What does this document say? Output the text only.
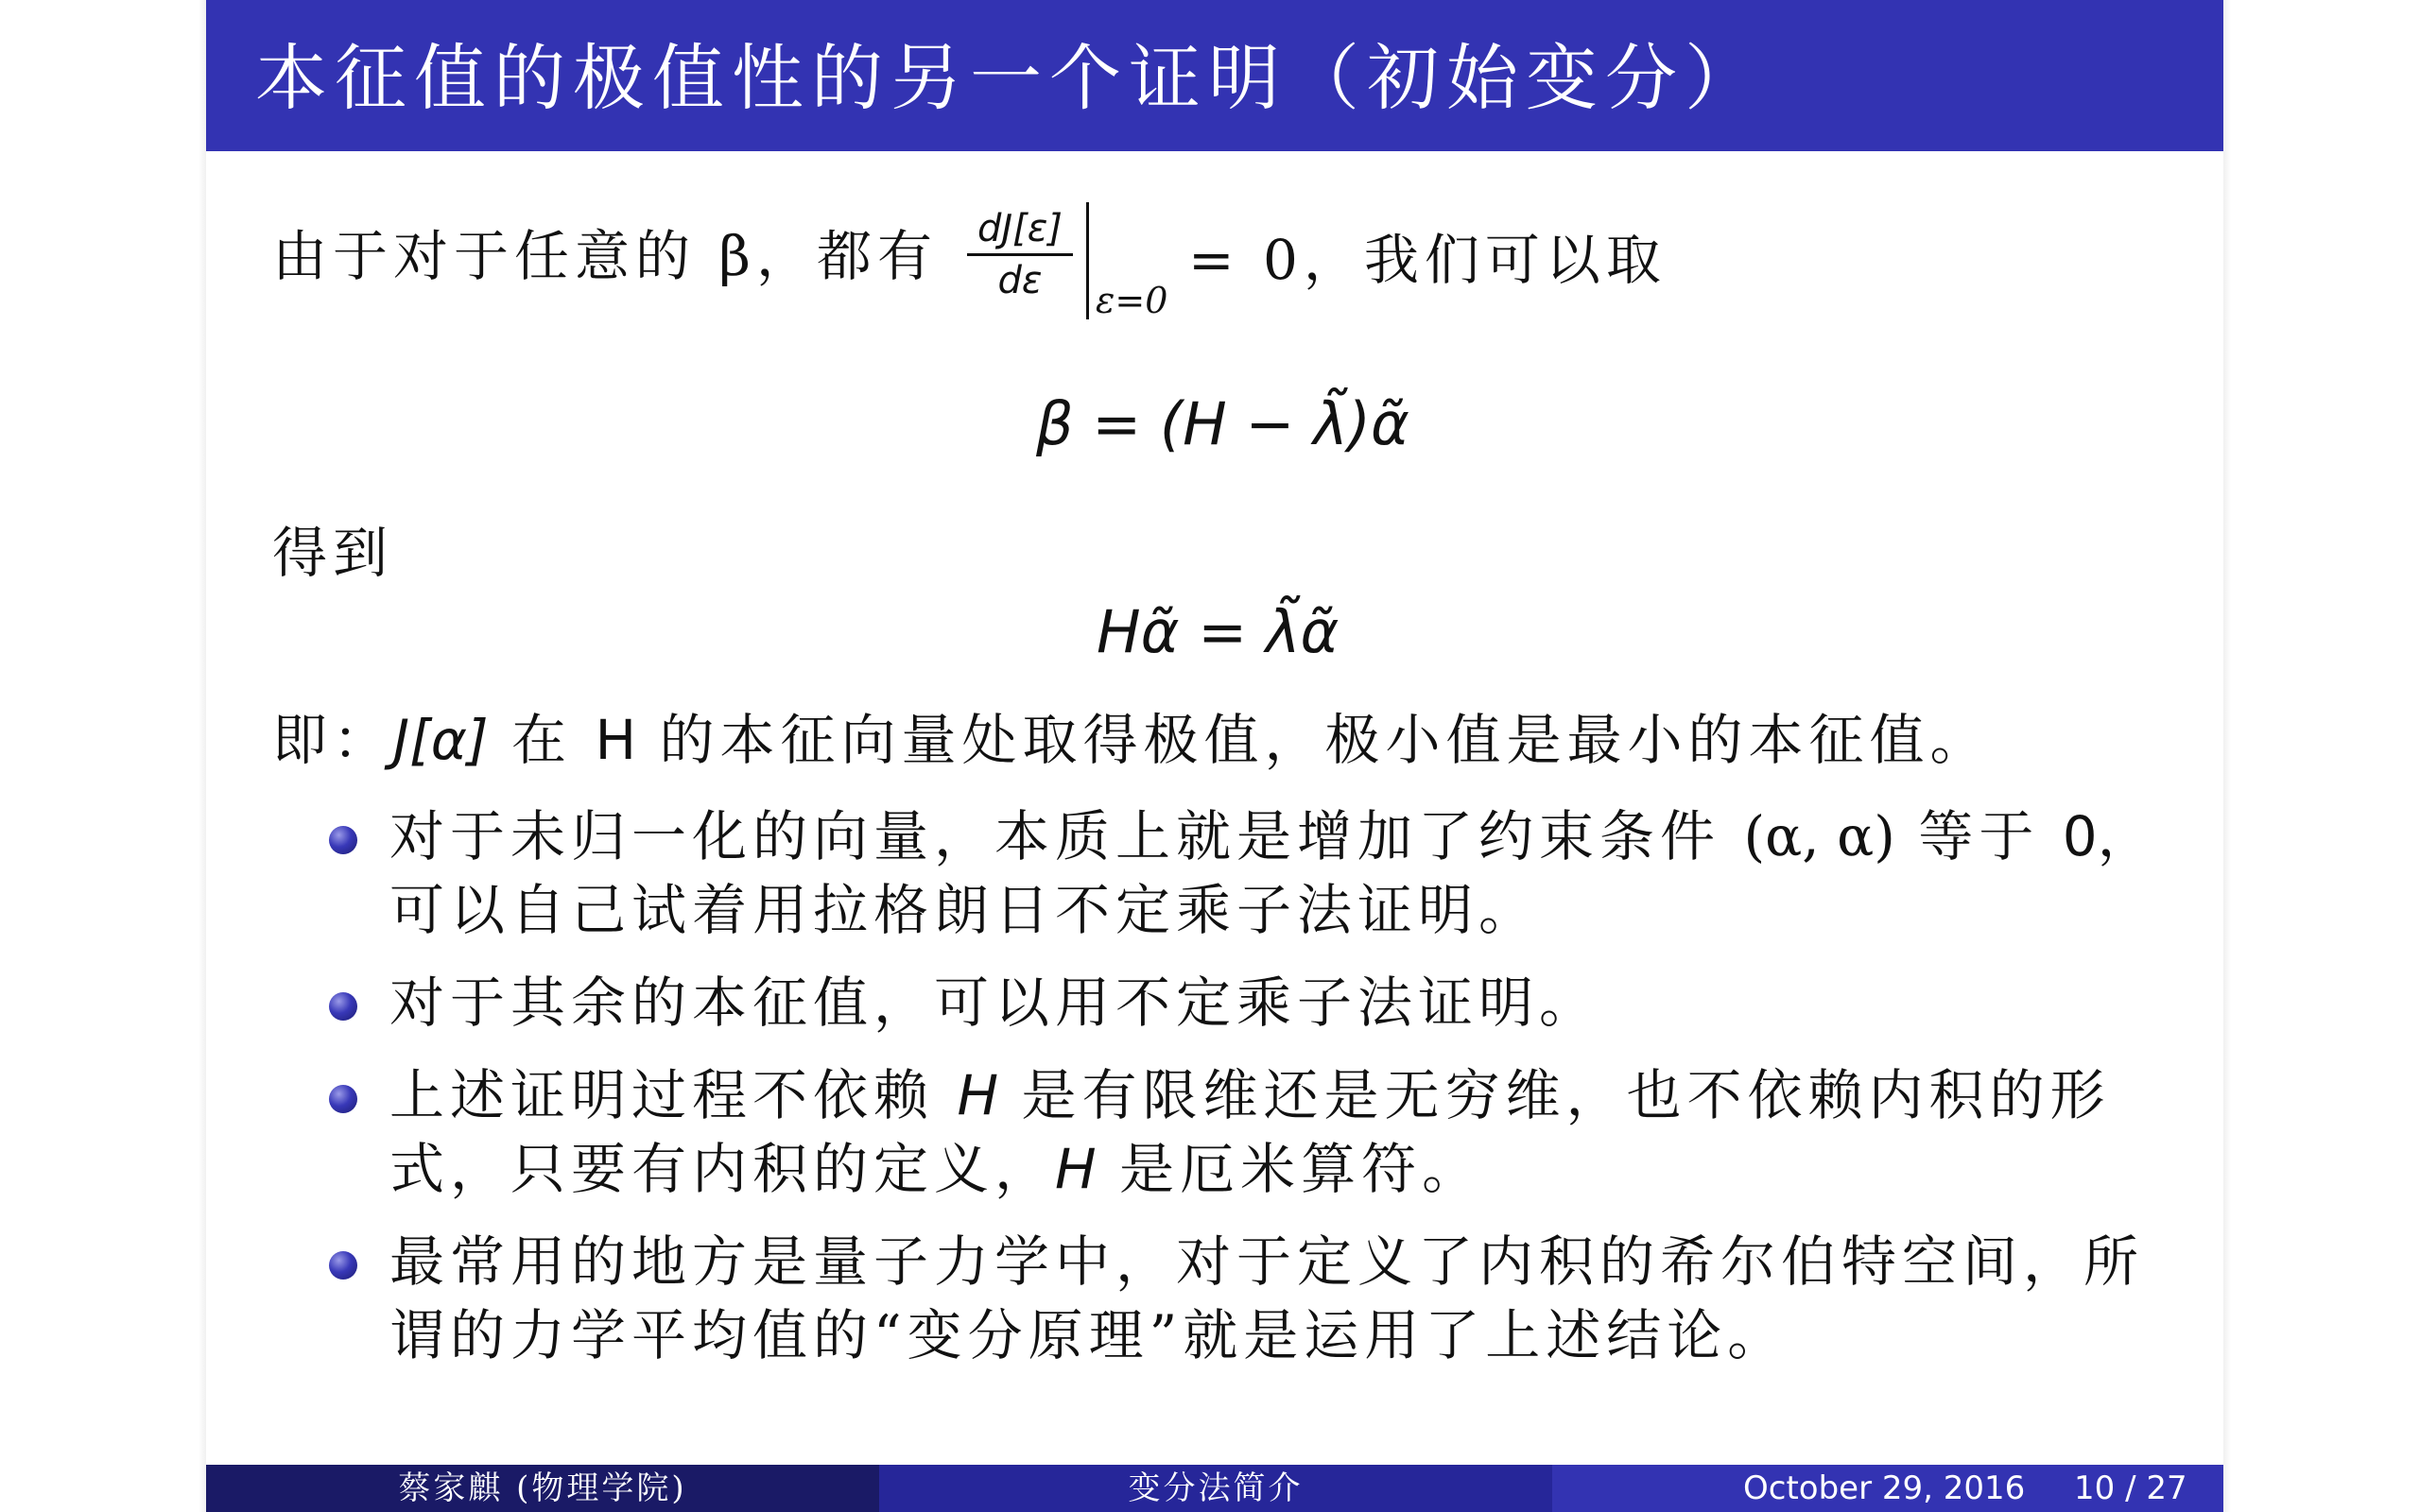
本征值的极值性的另一个证明（初始变分）
由于对于任意的 β，都有 dJ[ε]
dε	ε=0
= 0，我们可以取
β = (H − λ̃)α̃
得到
Hα̃ = λ̃α̃
即：J[α] 在 H 的本征向量处取得极值，极小值是最小的本征值。
对于未归一化的向量，本质上就是增加了约束条件 (α, α) 等于 0，
可以自己试着用拉格朗日不定乘子法证明。
对于其余的本征值，可以用不定乘子法证明。
上述证明过程不依赖 H 是有限维还是无穷维，也不依赖内积的形
式，只要有内积的定义，H 是厄米算符。
最常用的地方是量子力学中，对于定义了内积的希尔伯特空间，所
谓的力学平均值的“变分原理”就是运用了上述结论。
蔡家麒 (物理学院)	变分法简介	October 29, 2016 10 / 27
